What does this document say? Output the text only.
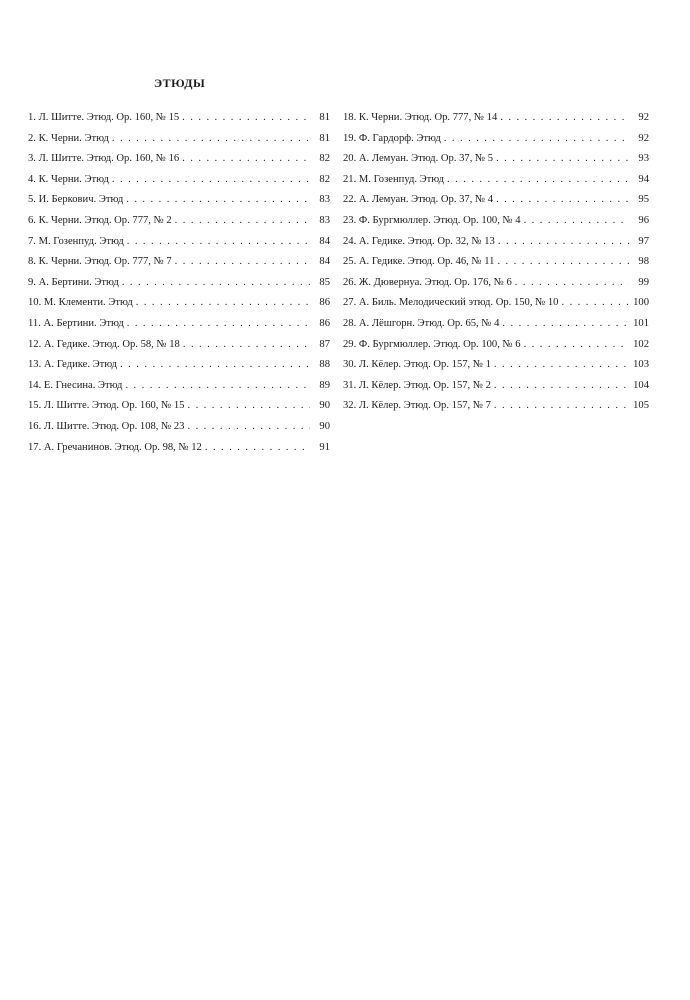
ЭТЮДЫ
1. Л. Шитте. Этюд. Ор. 160, № 15 . . .	81
2. К. Черни. Этюд . . .	81
3. Л. Шитте. Этюд. Ор. 160, № 16 . . .	82
4. К. Черни. Этюд . . .	82
5. И. Беркович. Этюд . . .	83
6. К. Черни. Этюд. Ор. 777, № 2 . . .	83
7. М. Гозенпуд. Этюд . . .	84
8. К. Черни. Этюд. Ор. 777, № 7 . . .	84
9. А. Бертини. Этюд . . .	85
10. М. Клементи. Этюд . . .	86
11. А. Бертини. Этюд . . .	86
12. А. Гедике. Этюд. Ор. 58, № 18 . . .	87
13. А. Гедике. Этюд . . .	88
14. Е. Гнесина. Этюд . . .	89
15. Л. Шитте. Этюд. Ор. 160, № 15 . . .	90
16. Л. Шитте. Этюд. Ор. 108, № 23 . . .	90
17. А. Гречанинов. Этюд. Ор. 98, № 12 . . .	91
18. К. Черни. Этюд. Ор. 777, № 14 . . .	92
19. Ф. Гардорф. Этюд . . .	92
20. А. Лемуан. Этюд. Ор. 37, № 5 . . .	93
21. М. Гозенпуд. Этюд . . .	94
22. А. Лемуан. Этюд. Ор. 37, № 4 . . .	95
23. Ф. Бургмюллер. Этюд. Ор. 100, № 4 . . .	96
24. А. Гедике. Этюд. Ор. 32, № 13 . . .	97
25. А. Гедике. Этюд. Ор. 46, № 11 . . .	98
26. Ж. Дювернуа. Этюд. Ор. 176, № 6 . . .	99
27. А. Биль. Мелодический этюд. Ор. 150, № 10 . . .	100
28. А. Лёшгорн. Этюд. Ор. 65, № 4 . . .	101
29. Ф. Бургмюллер. Этюд. Ор. 100, № 6 . . .	102
30. Л. Кёлер. Этюд. Ор. 157, № 1 . . .	103
31. Л. Кёлер. Этюд. Ор. 157, № 2 . . .	104
32. Л. Кёлер. Этюд. Ор. 157, № 7 . . .	105
